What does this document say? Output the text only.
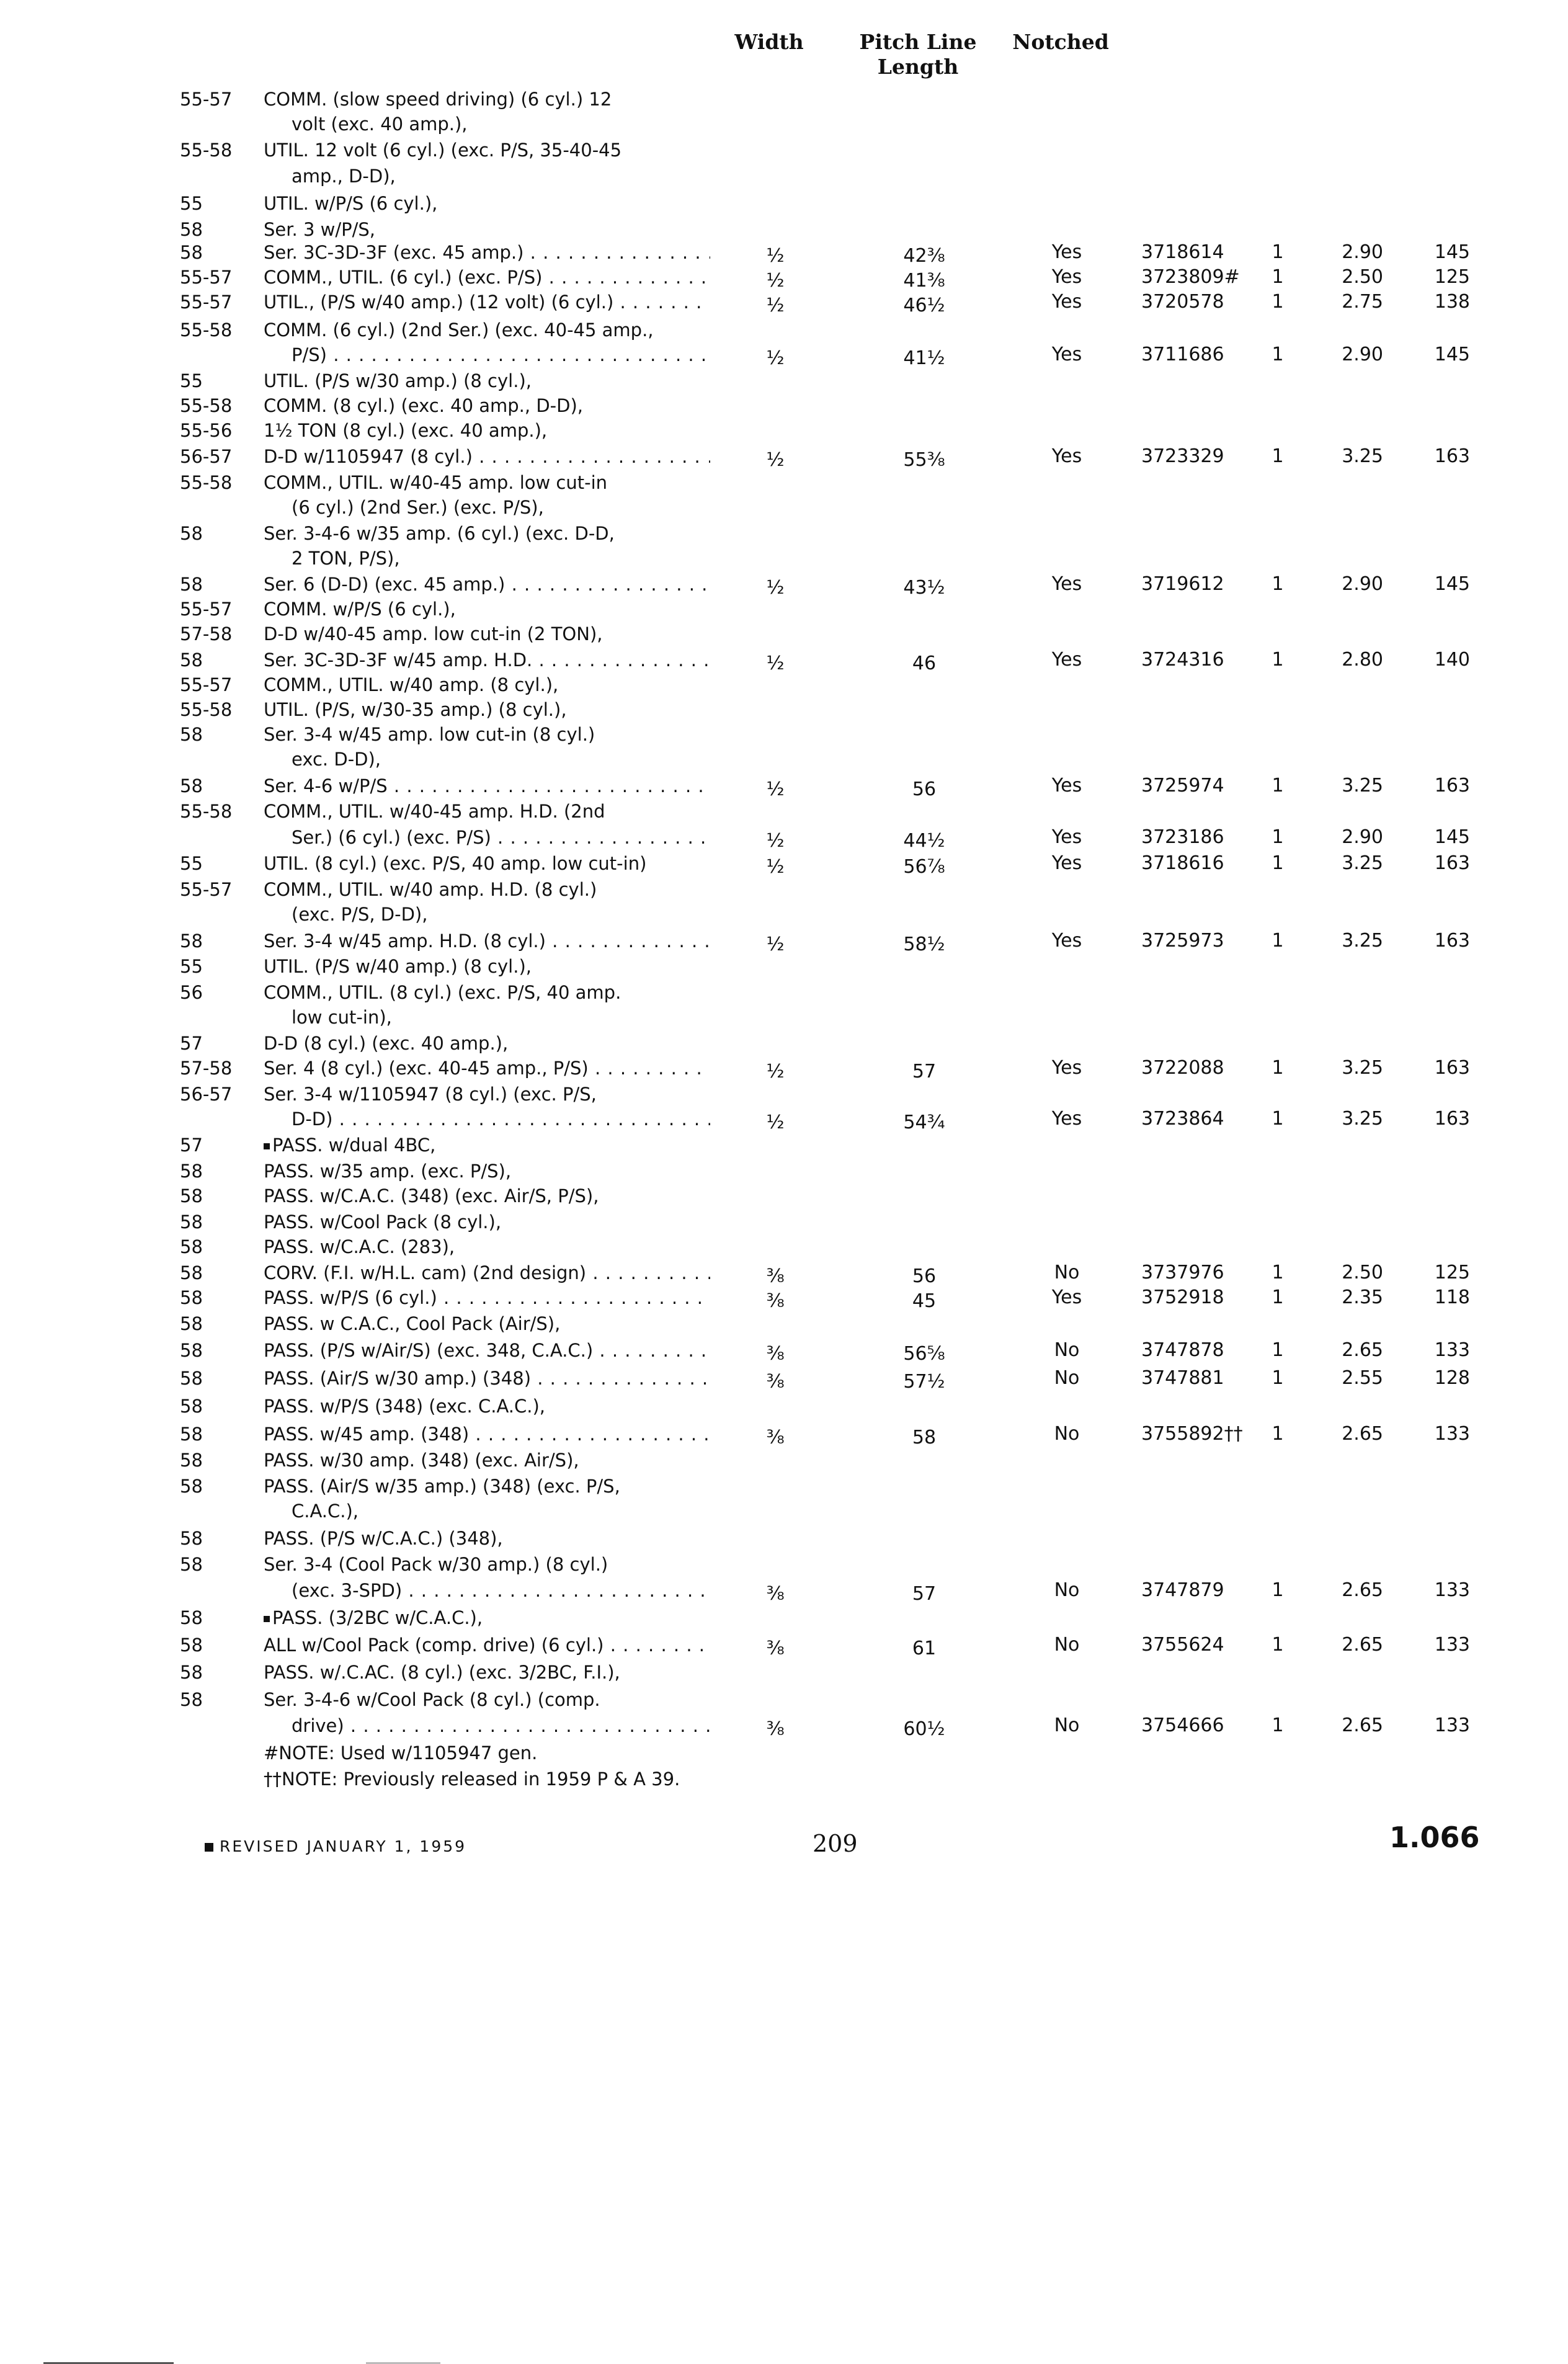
Width	Pitch Line
Length
Notched
55-57	COMM. (slow speed driving) (6 cyl.) 12
volt (exc. 40 amp.),
55-58	UTIL. 12 volt (6 cyl.) (exc. P/S, 35-40-45
amp., D-D),
55	UTIL. w/P/S (6 cyl.),
58	Ser. 3 w/P/S,
58	Ser. 3C-3D-3F (exc. 45 amp.) . . .	½	42⅜	Yes	3718614	1	2.90	145
55-57	COMM., UTIL. (6 cyl.) (exc. P/S) . . .	½	41⅜	Yes	3723809#	1	2.50	125
55-57	UTIL., (P/S w/40 amp.) (12 volt) (6 cyl.) . . .	½	46½	Yes	3720578	1	2.75	138
55-58	COMM. (6 cyl.) (2nd Ser.) (exc. 40-45 amp.,
P/S) . . .	½	41½	Yes	3711686	1	2.90	145
55	UTIL. (P/S w/30 amp.) (8 cyl.),
55-58	COMM. (8 cyl.) (exc. 40 amp., D-D),
55-56	1½ TON (8 cyl.) (exc. 40 amp.),
56-57	D-D w/1105947 (8 cyl.) . . .	½	55⅜	Yes	3723329	1	3.25	163
55-58	COMM., UTIL. w/40-45 amp. low cut-in
(6 cyl.) (2nd Ser.) (exc. P/S),
58	Ser. 3-4-6 w/35 amp. (6 cyl.) (exc. D-D,
2 TON, P/S),
58	Ser. 6 (D-D) (exc. 45 amp.) . . .	½	43½	Yes	3719612	1	2.90	145
55-57	COMM. w/P/S (6 cyl.),
57-58	D-D w/40-45 amp. low cut-in (2 TON),
58	Ser. 3C-3D-3F w/45 amp. H.D. . . .	½	46	Yes	3724316	1	2.80	140
55-57	COMM., UTIL. w/40 amp. (8 cyl.),
55-58	UTIL. (P/S, w/30-35 amp.) (8 cyl.),
58	Ser. 3-4 w/45 amp. low cut-in (8 cyl.)
exc. D-D),
58	Ser. 4-6 w/P/S . . .	½	56	Yes	3725974	1	3.25	163
55-58	COMM., UTIL. w/40-45 amp. H.D. (2nd
Ser.) (6 cyl.) (exc. P/S) . . .	½	44½	Yes	3723186	1	2.90	145
55	UTIL. (8 cyl.) (exc. P/S, 40 amp. low cut-in)	½	56⅞	Yes	3718616	1	3.25	163
55-57	COMM., UTIL. w/40 amp. H.D. (8 cyl.)
(exc. P/S, D-D),
58	Ser. 3-4 w/45 amp. H.D. (8 cyl.) . . .	½	58½	Yes	3725973	1	3.25	163
55	UTIL. (P/S w/40 amp.) (8 cyl.),
56	COMM., UTIL. (8 cyl.) (exc. P/S, 40 amp.
low cut-in),
57	D-D (8 cyl.) (exc. 40 amp.),
57-58	Ser. 4 (8 cyl.) (exc. 40-45 amp., P/S) . . .	½	57	Yes	3722088	1	3.25	163
56-57	Ser. 3-4 w/1105947 (8 cyl.) (exc. P/S,
D-D) . . .	½	54¾	Yes	3723864	1	3.25	163
57	PASS. w/dual 4BC,
58	PASS. w/35 amp. (exc. P/S),
58	PASS. w/C.A.C. (348) (exc. Air/S, P/S),
58	PASS. w/Cool Pack (8 cyl.),
58	PASS. w/C.A.C. (283),
58	CORV. (F.I. w/H.L. cam) (2nd design) . . .	⅜	56	No	3737976	1	2.50	125
58	PASS. w/P/S (6 cyl.) . . .	⅜	45	Yes	3752918	1	2.35	118
58	PASS. w C.A.C., Cool Pack (Air/S),
58	PASS. (P/S w/Air/S) (exc. 348, C.A.C.) . . .	⅜	56⅝	No	3747878	1	2.65	133
58	PASS. (Air/S w/30 amp.) (348) . . .	⅜	57½	No	3747881	1	2.55	128
58	PASS. w/P/S (348) (exc. C.A.C.),
58	PASS. w/45 amp. (348) . . .	⅜	58	No	3755892††	1	2.65	133
58	PASS. w/30 amp. (348) (exc. Air/S),
58	PASS. (Air/S w/35 amp.) (348) (exc. P/S,
C.A.C.),
58	PASS. (P/S w/C.A.C.) (348),
58	Ser. 3-4 (Cool Pack w/30 amp.) (8 cyl.)
(exc. 3-SPD) . . .	⅜	57	No	3747879	1	2.65	133
58	PASS. (3/2BC w/C.A.C.),
58	ALL w/Cool Pack (comp. drive) (6 cyl.) . . .	⅜	61	No	3755624	1	2.65	133
58	PASS. w/.C.AC. (8 cyl.) (exc. 3/2BC, F.I.),
58	Ser. 3-4-6 w/Cool Pack (8 cyl.) (comp.
drive) . . .	⅜	60½	No	3754666	1	2.65	133
#NOTE: Used w/1105947 gen.
††NOTE: Previously released in 1959 P & A 39.
REVISED JANUARY 1, 1959	209	1.066
